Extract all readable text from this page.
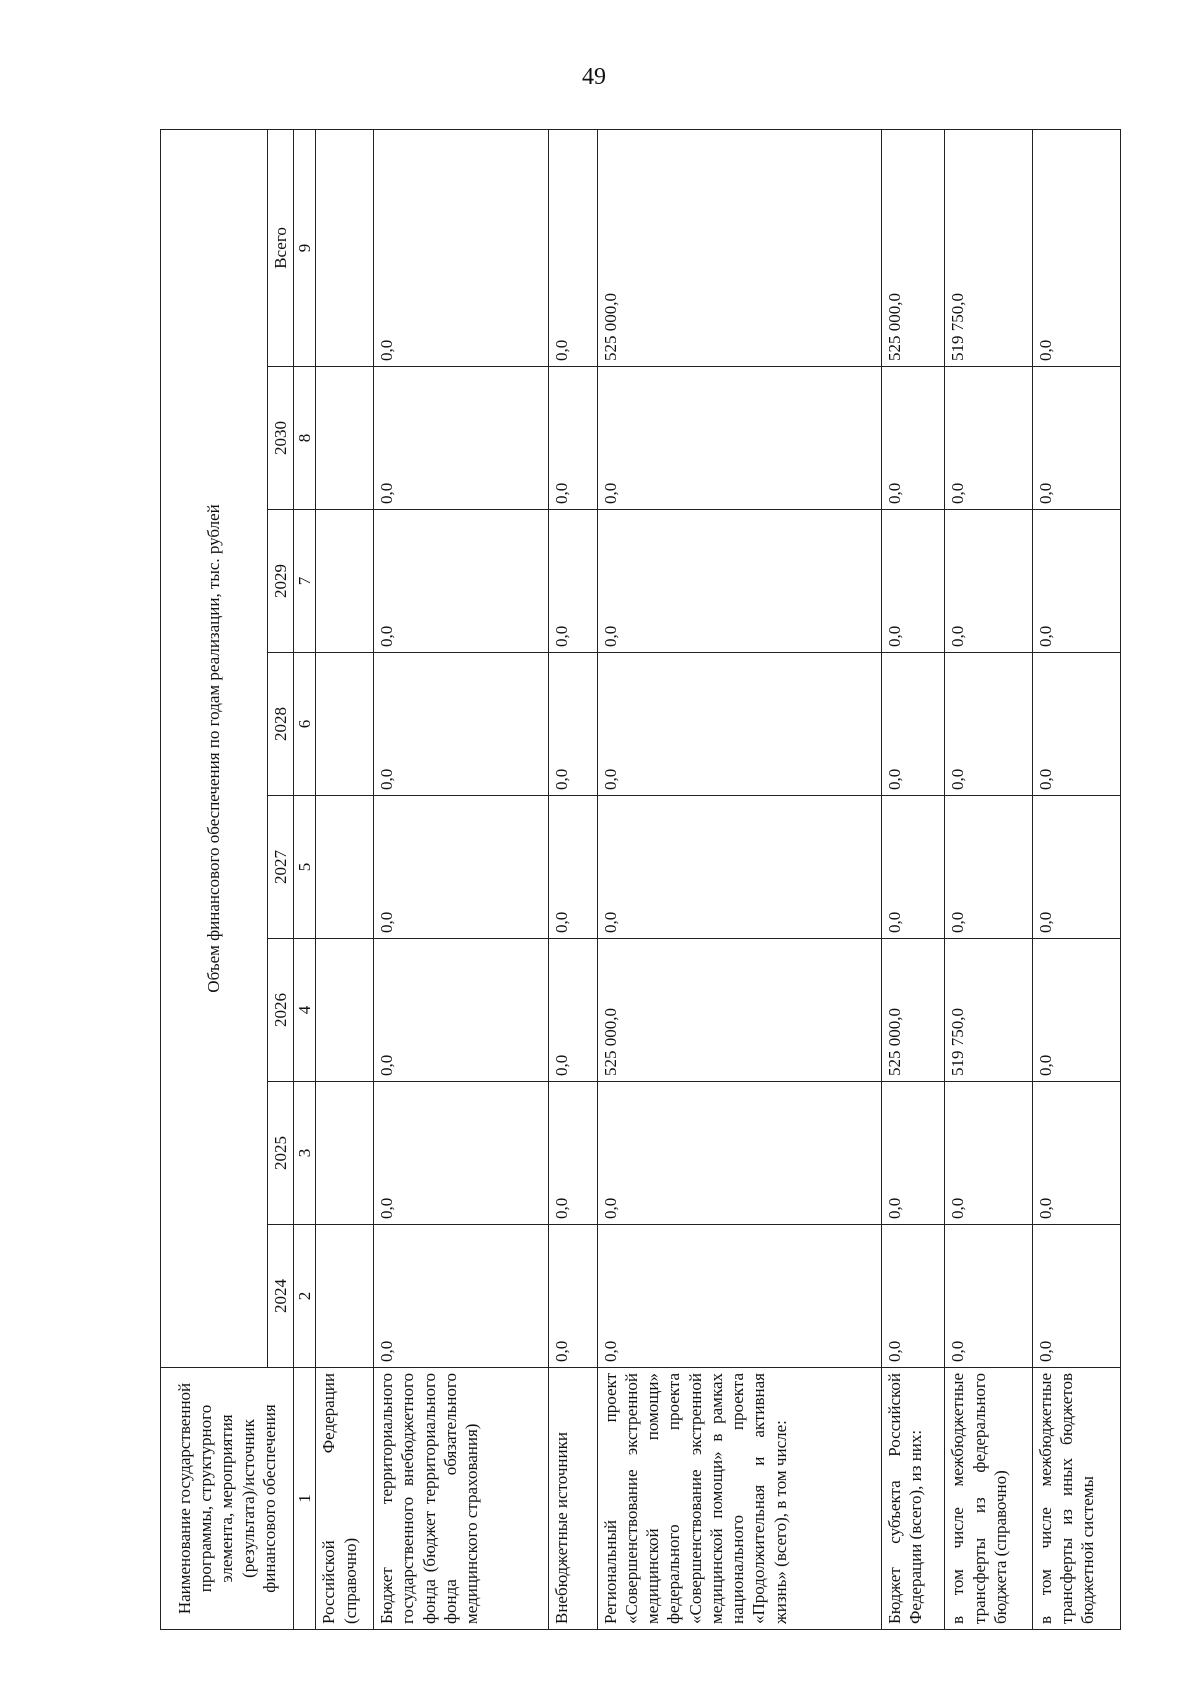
49
Наименование государственной программы, структурного элемента, мероприятия (результата)/источник финансового обеспечения	Объем финансового обеспечения по годам реализации, тыс. рублей							
	2024	2025	2026	2027	2028	2029	2030	Всего
1	2	3	4	5	6	7	8	9
Российской Федерации (справочно)								
Бюджет территориального государственного внебюджетного фонда (бюджет территориального фонда обязательного медицинского страхования)	0,0	0,0	0,0	0,0	0,0	0,0	0,0	0,0
Внебюджетные источники	0,0	0,0	0,0	0,0	0,0	0,0	0,0	0,0
Региональный проект «Совершенствование экстренной медицинской помощи» федерального проекта «Совершенствование экстренной медицинской помощи» в рамках национального проекта «Продолжительная и активная жизнь» (всего), в том числе:	0,0	0,0	525 000,0	0,0	0,0	0,0	0,0	525 000,0
Бюджет субъекта Российской Федерации (всего), из них:	0,0	0,0	525 000,0	0,0	0,0	0,0	0,0	525 000,0
в том числе межбюджетные трансферты из федерального бюджета (справочно)	0,0	0,0	519 750,0	0,0	0,0	0,0	0,0	519 750,0
в том числе межбюджетные трансферты из иных бюджетов бюджетной системы	0,0	0,0	0,0	0,0	0,0	0,0	0,0	0,0
